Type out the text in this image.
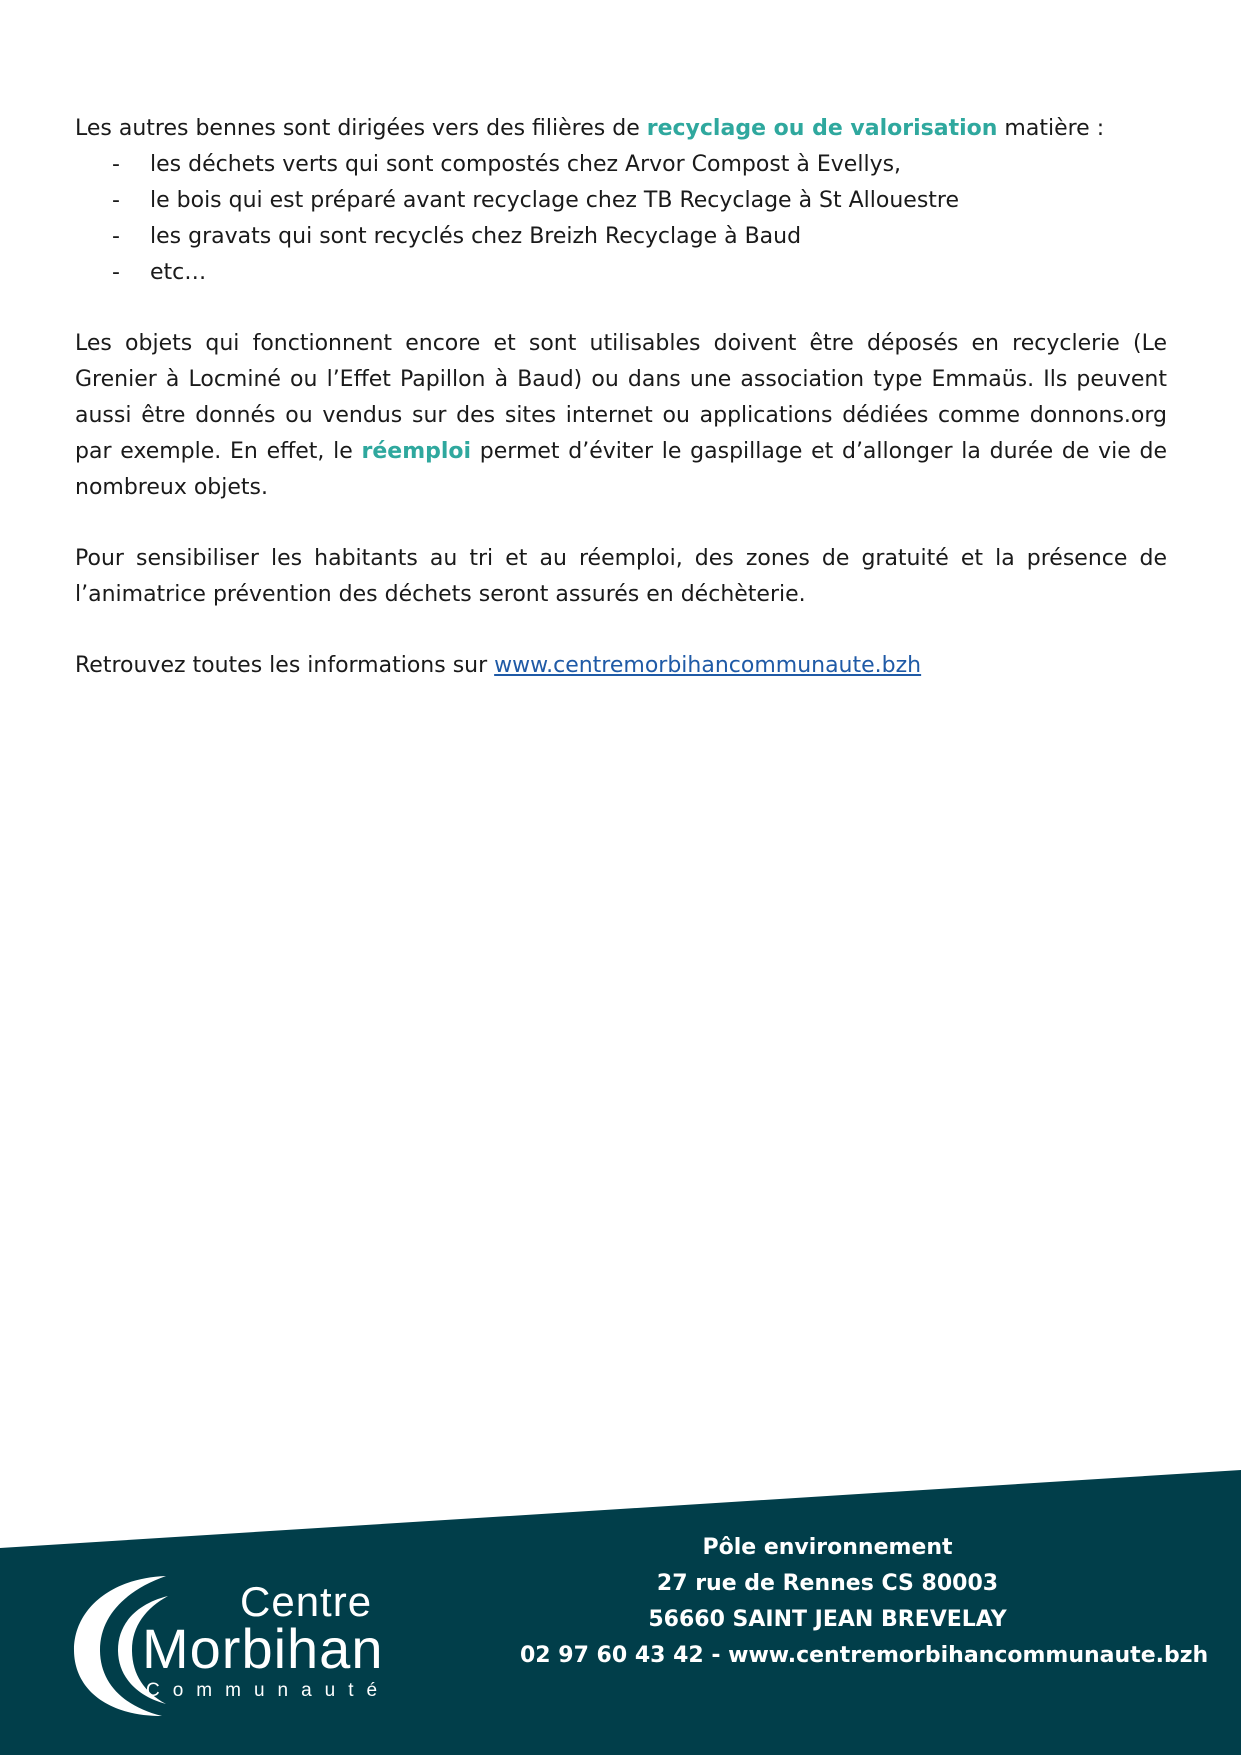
Les autres bennes sont dirigées vers des filières de recyclage ou de valorisation matière :

- les déchets verts qui sont compostés chez Arvor Compost à Evellys,
- le bois qui est préparé avant recyclage chez TB Recyclage à St Allouestre
- les gravats qui sont recyclés chez Breizh Recyclage à Baud
- etc…

Les objets qui fonctionnent encore et sont utilisables doivent être déposés en recyclerie (Le Grenier à Locminé ou l’Effet Papillon à Baud) ou dans une association type Emmaüs. Ils peuvent aussi être donnés ou vendus sur des sites internet ou applications dédiées comme donnons.org par exemple. En effet, le réemploi permet d’éviter le gaspillage et d’allonger la durée de vie de nombreux objets.

Pour sensibiliser les habitants au tri et au réemploi, des zones de gratuité et la présence de l’animatrice prévention des déchets seront assurés en déchèterie.

Retrouvez toutes les informations sur www.centremorbihancommunaute.bzh

Centre
Morbihan
Communauté
Pôle environnement
27 rue de Rennes CS 80003
56660 SAINT JEAN BREVELAY
02 97 60 43 42 - www.centremorbihancommunaute.bzh
